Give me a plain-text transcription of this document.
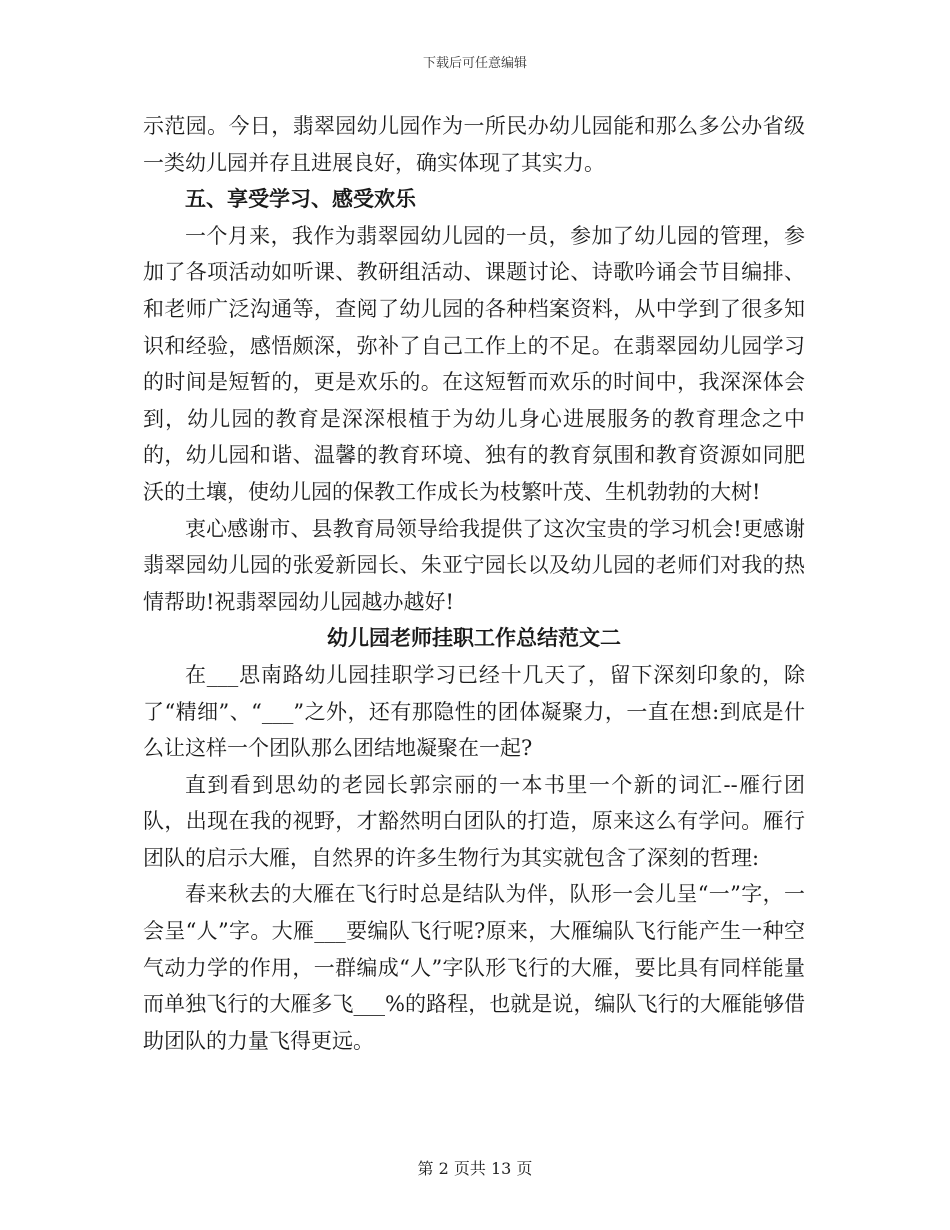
下载后可任意编辑

示范园。今日，翡翠园幼儿园作为一所民办幼儿园能和那么多公办省级一类幼儿园并存且进展良好，确实体现了其实力。

五、享受学习、感受欢乐

一个月来，我作为翡翠园幼儿园的一员，参加了幼儿园的管理，参加了各项活动如听课、教研组活动、课题讨论、诗歌吟诵会节目编排、和老师广泛沟通等，查阅了幼儿园的各种档案资料，从中学到了很多知识和经验，感悟颇深，弥补了自己工作上的不足。在翡翠园幼儿园学习的时间是短暂的，更是欢乐的。在这短暂而欢乐的时间中，我深深体会到，幼儿园的教育是深深根植于为幼儿身心进展服务的教育理念之中的，幼儿园和谐、温馨的教育环境、独有的教育氛围和教育资源如同肥沃的土壤，使幼儿园的保教工作成长为枝繁叶茂、生机勃勃的大树!

衷心感谢市、县教育局领导给我提供了这次宝贵的学习机会!更感谢翡翠园幼儿园的张爱新园长、朱亚宁园长以及幼儿园的老师们对我的热情帮助!祝翡翠园幼儿园越办越好!

幼儿园老师挂职工作总结范文二

在___思南路幼儿园挂职学习已经十几天了，留下深刻印象的，除了“精细”、“___”之外，还有那隐性的团体凝聚力，一直在想:到底是什么让这样一个团队那么团结地凝聚在一起?

直到看到思幼的老园长郭宗丽的一本书里一个新的词汇--雁行团队，出现在我的视野，才豁然明白团队的打造，原来这么有学问。雁行团队的启示大雁，自然界的许多生物行为其实就包含了深刻的哲理:

春来秋去的大雁在飞行时总是结队为伴，队形一会儿呈“一”字，一会呈“人”字。大雁___要编队飞行呢?原来，大雁编队飞行能产生一种空气动力学的作用，一群编成“人”字队形飞行的大雁，要比具有同样能量而单独飞行的大雁多飞___%的路程，也就是说，编队飞行的大雁能够借助团队的力量飞得更远。

第 2 页共 13 页
